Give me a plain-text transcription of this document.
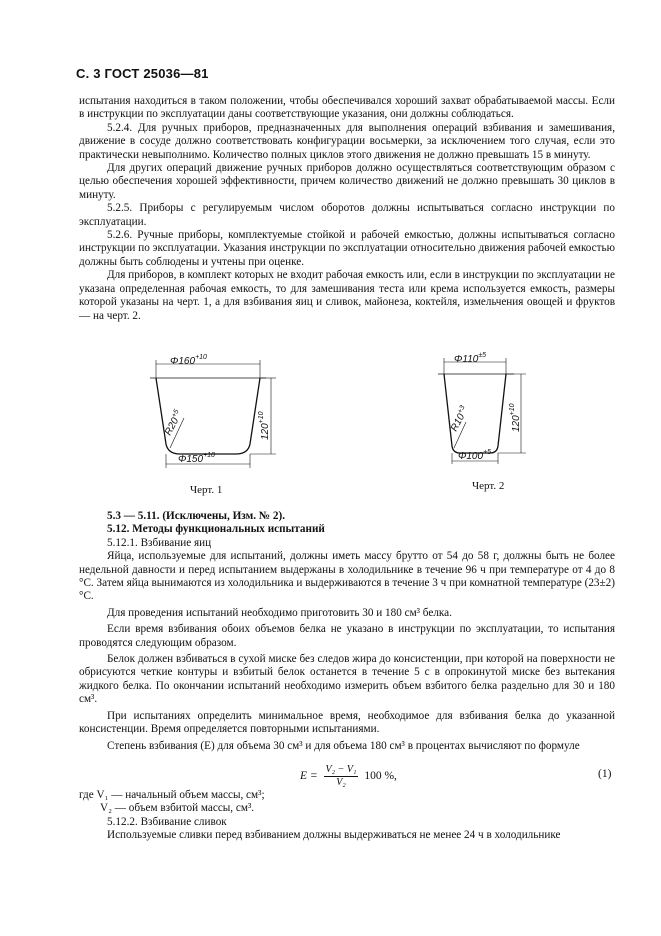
С. 3 ГОСТ 25036—81

испытания находиться в таком положении, чтобы обеспечивался хороший захват обрабатываемой массы. Если в инструкции по эксплуатации даны соответствующие указания, они должны соблюдаться.

5.2.4. Для ручных приборов, предназначенных для выполнения операций взбивания и замешивания, движение в сосуде должно соответствовать конфигурации восьмерки, за исключением того случая, если это практически невыполнимо. Количество полных циклов этого движения не должно превышать 15 в минуту.

Для других операций движение ручных приборов должно осуществляться соответствующим образом с целью обеспечения хорошей эффективности, причем количество движений не должно превышать 30 циклов в минуту.

5.2.5. Приборы с регулируемым числом оборотов должны испытываться согласно инструкции по эксплуатации.

5.2.6. Ручные приборы, комплектуемые стойкой и рабочей емкостью, должны испытываться согласно инструкции по эксплуатации. Указания инструкции по эксплуатации относительно движения рабочей емкостью должны быть соблюдены и учтены при оценке.

Для приборов, в комплект которых не входит рабочая емкость или, если в инструкции по эксплуатации не указана определенная рабочая емкость, то для замешивания теста или крема используется емкость, размеры которой указаны на черт. 1, а для взбивания яиц и сливок, майонеза, коктейля, измельчения овощей и фруктов — на черт. 2.

$\Phi 160^{+10}$
$\Phi 150^{+10}$
$120^{+10}$
$R20^{+5}$
Черт. 1
$\Phi 110^{\pm 5}$
$\Phi 100^{+5}$
$120^{+10}$
$R10^{+3}$
Черт. 2

5.3 — 5.11. (Исключены, Изм. № 2).

5.12. Методы функциональных испытаний

5.12.1. Взбивание яиц

Яйца, используемые для испытаний, должны иметь массу брутто от 54 до 58 г, должны быть не более недельной давности и перед испытанием выдержаны в холодильнике в течение 96 ч при температуре от 4 до 8 °С. Затем яйца вынимаются из холодильника и выдерживаются в течение 3 ч при комнатной температуре (23±2) °С.

Для проведения испытаний необходимо приготовить 30 и 180 см³ белка.

Если время взбивания обоих объемов белка не указано в инструкции по эксплуатации, то испытания проводятся следующим образом.

Белок должен взбиваться в сухой миске без следов жира до консистенции, при которой на поверхности не обрисуются четкие контуры и взбитый белок останется в течение 5 с в опрокинутой миске без вытекания жидкого белка. По окончании испытаний необходимо измерить объем взбитого белка раздельно для 30 и 180 см³.

При испытаниях определить минимальное время, необходимое для взбивания белка до указанной консистенции. Время определяется повторными испытаниями.

Степень взбивания (E) для объема 30 см³ и для объема 180 см³ в процентах вычисляют по формуле

$E = \frac{\text{V₂ − V₁}}{\text{V₂}} 100$ %,	(1)

где V₁ — начальный объем массы, см³;

V₂ — объем взбитой массы, см³.

5.12.2. Взбивание сливок

Используемые сливки перед взбиванием должны выдерживаться не менее 24 ч в холодильнике
